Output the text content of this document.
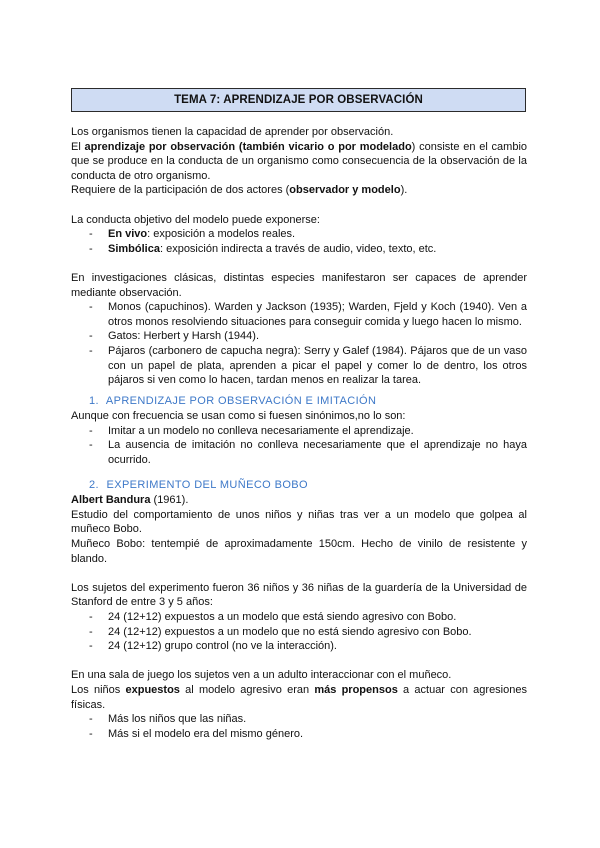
TEMA 7: APRENDIZAJE POR OBSERVACIÓN

Los organismos tienen la capacidad de aprender por observación.

El aprendizaje por observación (también vicario o por modelado) consiste en el cambio que se produce en la conducta de un organismo como consecuencia de la observación de la conducta de otro organismo.

Requiere de la participación de dos actores (observador y modelo).

La conducta objetivo del modelo puede exponerse:

- En vivo: exposición a modelos reales.
- Simbólica: exposición indirecta a través de audio, video, texto, etc.

En investigaciones clásicas, distintas especies manifestaron ser capaces de aprender mediante observación.

- Monos (capuchinos). Warden y Jackson (1935); Warden, Fjeld y Koch (1940). Ven a otros monos resolviendo situaciones para conseguir comida y luego hacen lo mismo.
- Gatos: Herbert y Harsh (1944).
- Pájaros (carbonero de capucha negra): Serry y Galef (1984). Pájaros que de un vaso con un papel de plata, aprenden a picar el papel y comer lo de dentro, los otros pájaros si ven como lo hacen, tardan menos en realizar la tarea.
1. APRENDIZAJE POR OBSERVACIÓN E IMITACIÓN

Aunque con frecuencia se usan como si fuesen sinónimos,no lo son:

- Imitar a un modelo no conlleva necesariamente el aprendizaje.
- La ausencia de imitación no conlleva necesariamente que el aprendizaje no haya ocurrido.
2. EXPERIMENTO DEL MUÑECO BOBO

Albert Bandura (1961).

Estudio del comportamiento de unos niños y niñas tras ver a un modelo que golpea al muñeco Bobo.

Muñeco Bobo: tentempié de aproximadamente 150cm. Hecho de vinilo de resistente y blando.

Los sujetos del experimento fueron 36 niños y 36 niñas de la guardería de la Universidad de Stanford de entre 3 y 5 años:

- 24 (12+12) expuestos a un modelo que está siendo agresivo con Bobo.
- 24 (12+12) expuestos a un modelo que no está siendo agresivo con Bobo.
- 24 (12+12) grupo control (no ve la interacción).

En una sala de juego los sujetos ven a un adulto interaccionar con el muñeco.

Los niños expuestos al modelo agresivo eran más propensos a actuar con agresiones físicas.

- Más los niños que las niñas.
- Más si el modelo era del mismo género.
